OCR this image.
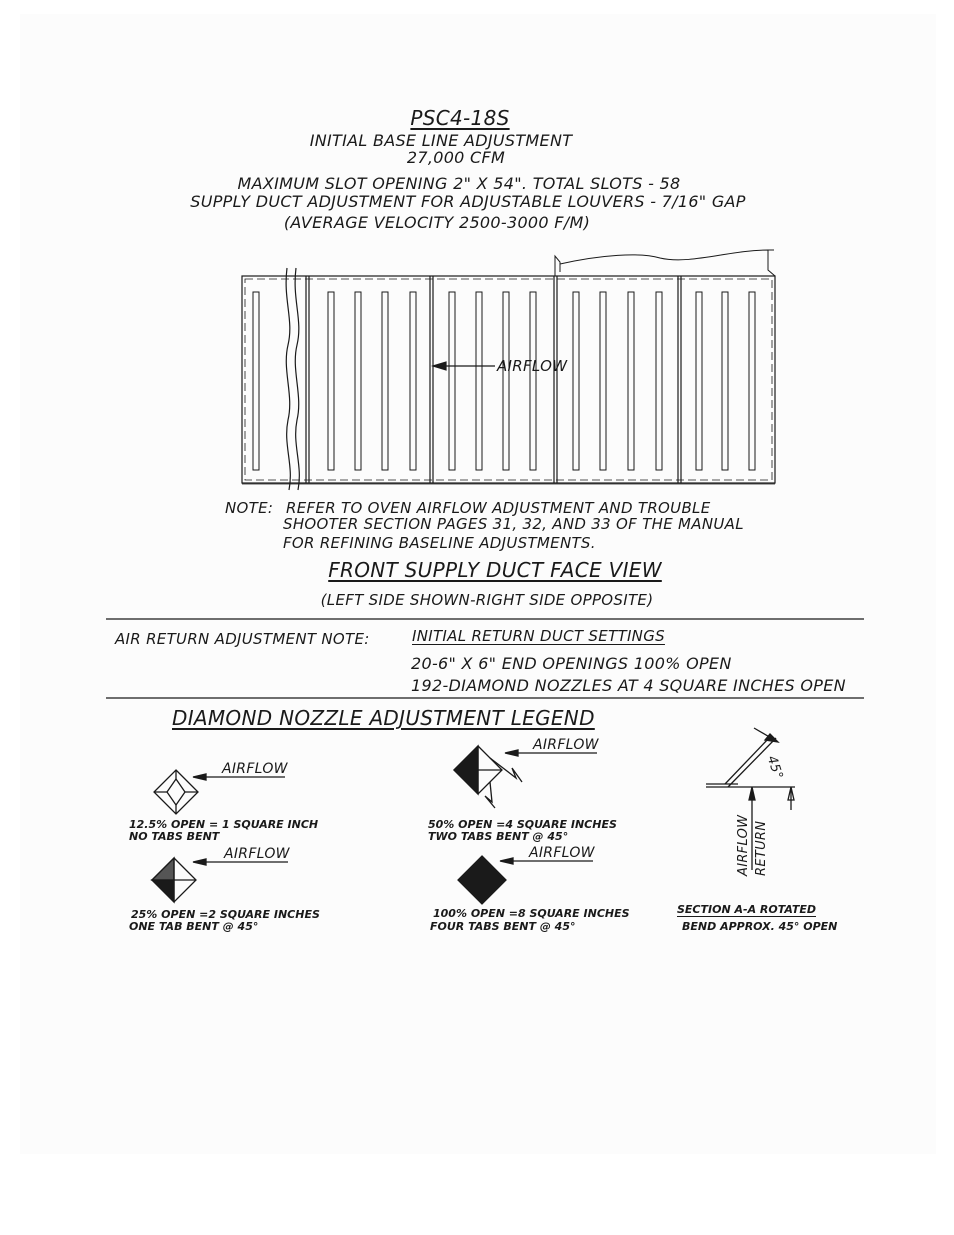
PSC4-18S
INITIAL BASE LINE ADJUSTMENT
27,000 CFM
MAXIMUM SLOT OPENING 2" X 54". TOTAL SLOTS - 58
SUPPLY DUCT ADJUSTMENT FOR ADJUSTABLE LOUVERS - 7/16" GAP
(AVERAGE VELOCITY 2500-3000 F/M)
AIRFLOW
NOTE: REFER TO OVEN AIRFLOW ADJUSTMENT AND TROUBLE
SHOOTER SECTION PAGES 31, 32, AND 33 OF THE MANUAL
FOR REFINING BASELINE ADJUSTMENTS.
FRONT SUPPLY DUCT FACE VIEW
(LEFT SIDE SHOWN-RIGHT SIDE OPPOSITE)
AIR RETURN ADJUSTMENT NOTE:	INITIAL RETURN DUCT SETTINGS
20-6" X 6" END OPENINGS 100% OPEN
192-DIAMOND NOZZLES AT 4 SQUARE INCHES OPEN
DIAMOND NOZZLE ADJUSTMENT LEGEND
AIRFLOW
AIRFLOW
AIRFLOW
AIRFLOW
12.5% OPEN = 1 SQUARE INCH
NO TABS BENT
25% OPEN =2 SQUARE INCHES
ONE TAB BENT @ 45°
50% OPEN =4 SQUARE INCHES
TWO TABS BENT @ 45°
100% OPEN =8 SQUARE INCHES
FOUR TABS BENT @ 45°
45°
AIRFLOW RETURN
SECTION A-A ROTATED
BEND APPROX. 45° OPEN
